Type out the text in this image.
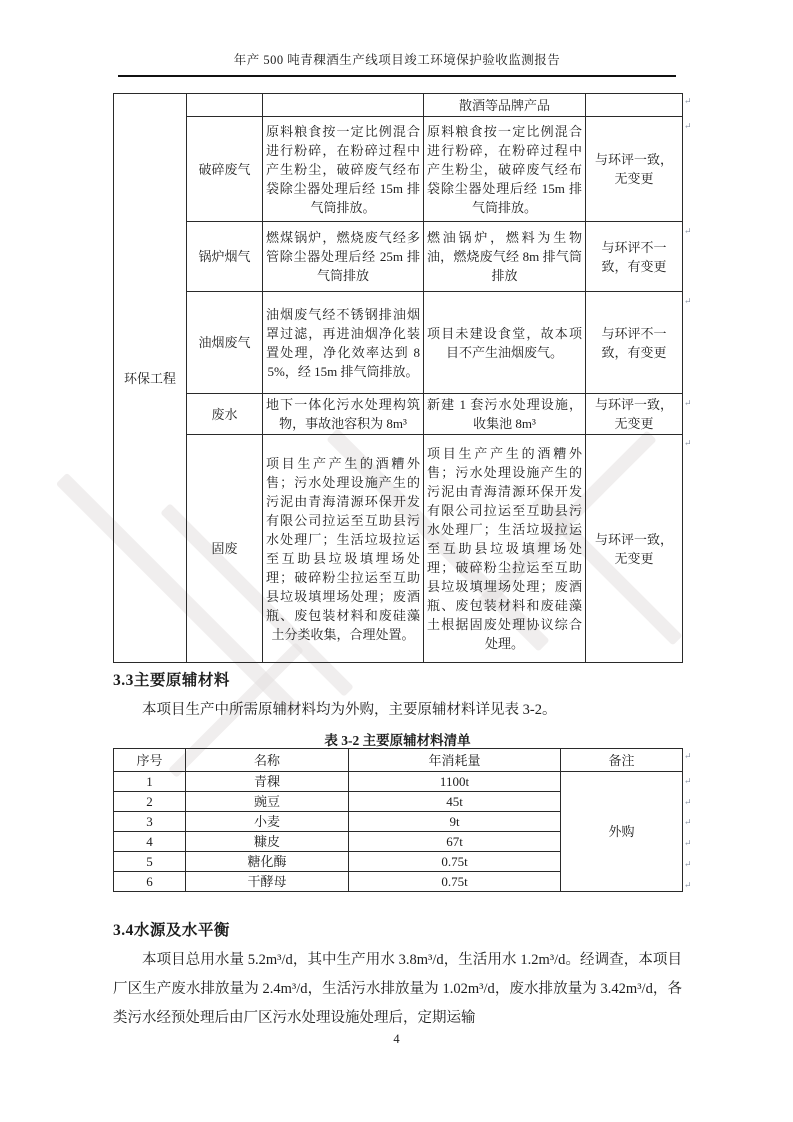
年产 500 吨青稞酒生产线项目竣工环境保护验收监测报告
环保工程			散酒等品牌产品	
	破碎废气	原料粮食按一定比例混合进行粉碎，在粉碎过程中产生粉尘，破碎废气经布袋除尘器处理后经 15m 排气筒排放。	原料粮食按一定比例混合进行粉碎，在粉碎过程中产生粉尘，破碎废气经布袋除尘器处理后经 15m 排气筒排放。	与环评一致，无变更
	锅炉烟气	燃煤锅炉，燃烧废气经多管除尘器处理后经 25m 排气筒排放	燃油锅炉，燃料为生物油，燃烧废气经 8m 排气筒排放	与环评不一致，有变更
	油烟废气	油烟废气经不锈钢排油烟罩过滤，再进油烟净化装置处理，净化效率达到 85%，经 15m 排气筒排放。	项目未建设食堂，故本项目不产生油烟废气。	与环评不一致，有变更
	废水	地下一体化污水处理构筑物，事故池容积为 8m³	新建 1 套污水处理设施，收集池 8m³	与环评一致，无变更
	固废	项目生产产生的酒糟外售；污水处理设施产生的污泥由青海清源环保开发有限公司拉运至互助县污水处理厂；生活垃圾拉运至互助县垃圾填埋场处理；破碎粉尘拉运至互助县垃圾填埋场处理；废酒瓶、废包装材料和废硅藻土分类收集，合理处置。	项目生产产生的酒糟外售；污水处理设施产生的污泥由青海清源环保开发有限公司拉运至互助县污水处理厂；生活垃圾拉运至互助县垃圾填埋场处理；破碎粉尘拉运至互助县垃圾填埋场处理；废酒瓶、废包装材料和废硅藻土根据固废处理协议综合处理。	与环评一致，无变更
3.3主要原辅材料
本项目生产中所需原辅材料均为外购，主要原辅材料详见表 3-2。
表 3-2 主要原辅材料清单
序号	名称	年消耗量	备注
1	青稞	1100t	外购
2	豌豆	45t	
3	小麦	9t	
4	糠皮	67t	
5	糖化酶	0.75t	
6	干酵母	0.75t	
3.4水源及水平衡
本项目总用水量 5.2m³/d，其中生产用水 3.8m³/d，生活用水 1.2m³/d。经调查，本项目厂区生产废水排放量为 2.4m³/d，生活污水排放量为 1.02m³/d，废水排放量为 3.42m³/d，各类污水经预处理后由厂区污水处理设施处理后，定期运输
4
↵
↵
↵
↵
↵
↵
↵
↵
↵
↵
↵
↵
↵
